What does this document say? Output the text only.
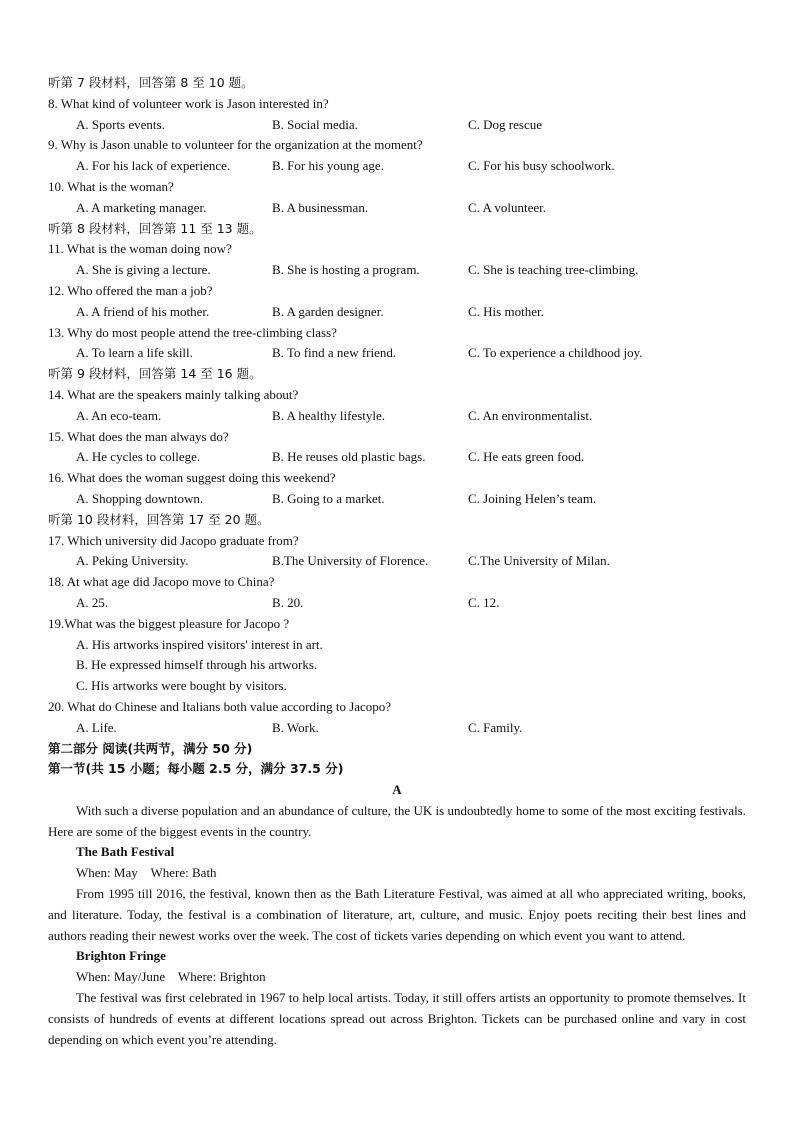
听第 7 段材料，回答第 8 至 10 题。
8. What kind of volunteer work is Jason interested in?
A. Sports events.	B. Social media.	C. Dog rescue
9. Why is Jason unable to volunteer for the organization at the moment?
A. For his lack of experience.	B. For his young age.	C. For his busy schoolwork.
10. What is the woman?
A. A marketing manager.	B. A businessman.	C. A volunteer.
听第 8 段材料，回答第 11 至 13 题。
11. What is the woman doing now?
A. She is giving a lecture.	B. She is hosting a program.	C. She is teaching tree-climbing.
12. Who offered the man a job?
A. A friend of his mother.	B. A garden designer.	C. His mother.
13. Why do most people attend the tree-climbing class?
A. To learn a life skill.	B. To find a new friend.	C. To experience a childhood joy.
听第 9 段材料，回答第 14 至 16 题。
14. What are the speakers mainly talking about?
A. An eco-team.	B. A healthy lifestyle.	C. An environmentalist.
15. What does the man always do?
A. He cycles to college.	B. He reuses old plastic bags.	C. He eats green food.
16. What does the woman suggest doing this weekend?
A. Shopping downtown.	B. Going to a market.	C. Joining Helen’s team.
听第 10 段材料，回答第 17 至 20 题。
17. Which university did Jacopo graduate from?
A. Peking University.	B.The University of Florence.	C.The University of Milan.
18. At what age did Jacopo move to China?
A. 25.	B. 20.	C. 12.
19.What was the biggest pleasure for Jacopo ?
A. His artworks inspired visitors' interest in art.
B. He expressed himself through his artworks.
C. His artworks were bought by visitors.
20. What do Chinese and Italians both value according to Jacopo?
A. Life.	B. Work.	C. Family.
第二部分 阅读(共两节，满分 50 分)
第一节(共 15 小题；每小题 2.5 分，满分 37.5 分)
A
With such a diverse population and an abundance of culture, the UK is undoubtedly home to some of the most exciting festivals. Here are some of the biggest events in the country.
The Bath Festival
When: May    Where: Bath
From 1995 till 2016, the festival, known then as the Bath Literature Festival, was aimed at all who appreciated writing, books, and literature. Today, the festival is a combination of literature, art, culture, and music. Enjoy poets reciting their best lines and authors reading their newest works over the week. The cost of tickets varies depending on which event you want to attend.
Brighton Fringe
When: May/June    Where: Brighton
The festival was first celebrated in 1967 to help local artists. Today, it still offers artists an opportunity to promote themselves. It consists of hundreds of events at different locations spread out across Brighton. Tickets can be purchased online and vary in cost depending on which event you’re attending.
